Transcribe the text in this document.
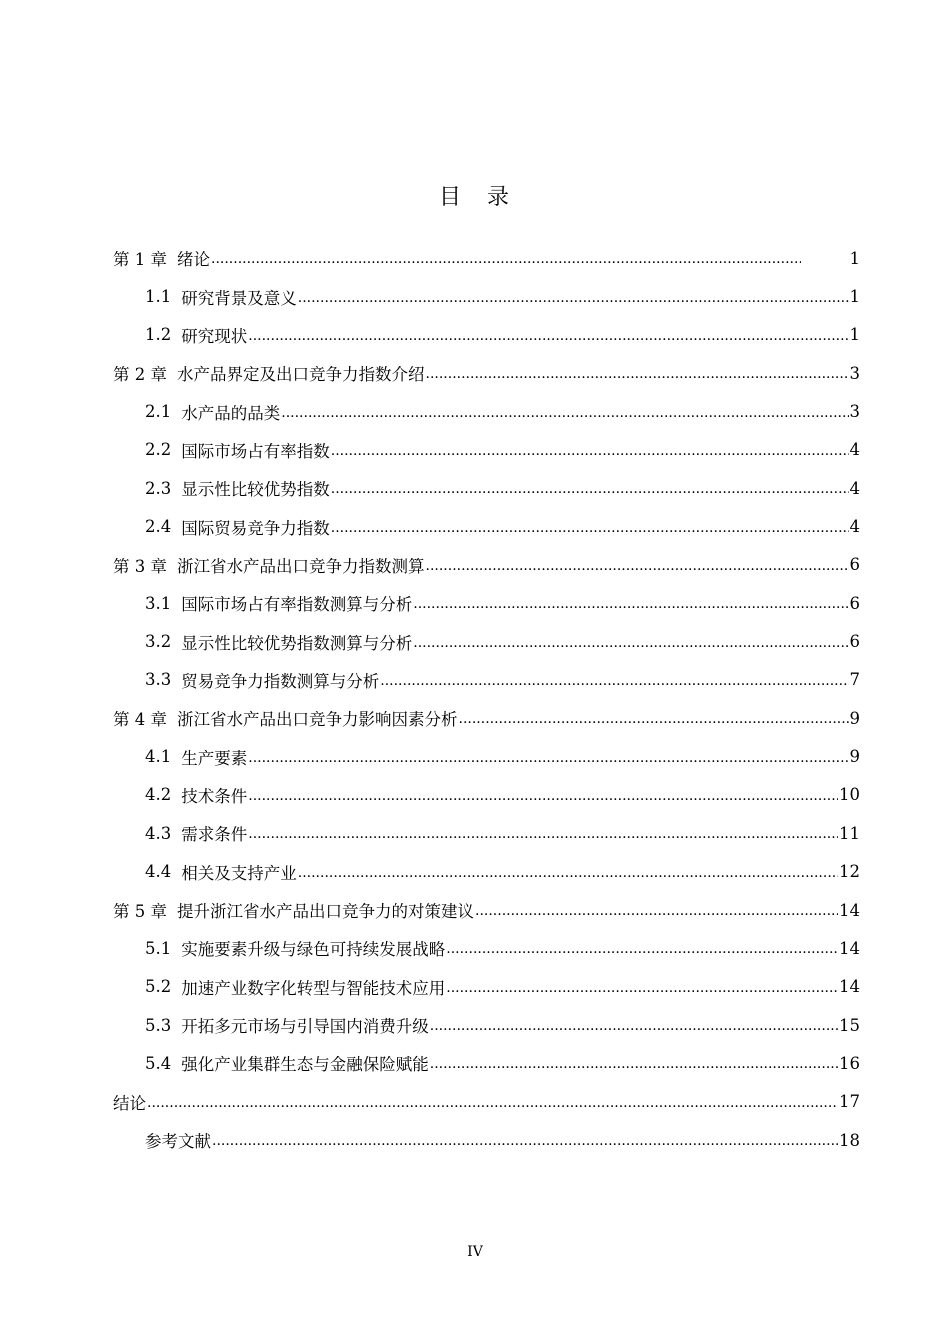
目　录
第 1 章 绪论 .....	1
1.1 研究背景及意义 .....	1
1.2 研究现状 .....	1
第 2 章 水产品界定及出口竞争力指数介绍 .....	3
2.1 水产品的品类 .....	3
2.2 国际市场占有率指数 .....	4
2.3 显示性比较优势指数 .....	4
2.4 国际贸易竞争力指数 .....	4
第 3 章 浙江省水产品出口竞争力指数测算 .....	6
3.1 国际市场占有率指数测算与分析 .....	6
3.2 显示性比较优势指数测算与分析 .....	6
3.3 贸易竞争力指数测算与分析 .....	7
第 4 章 浙江省水产品出口竞争力影响因素分析 .....	9
4.1 生产要素 .....	9
4.2 技术条件 .....	10
4.3 需求条件 .....	11
4.4 相关及支持产业 .....	12
第 5 章 提升浙江省水产品出口竞争力的对策建议 .....	14
5.1 实施要素升级与绿色可持续发展战略 .....	14
5.2 加速产业数字化转型与智能技术应用 .....	14
5.3 开拓多元市场与引导国内消费升级 .....	15
5.4 强化产业集群生态与金融保险赋能 .....	16
结论 .....	17
参考文献 .....	18
IV
